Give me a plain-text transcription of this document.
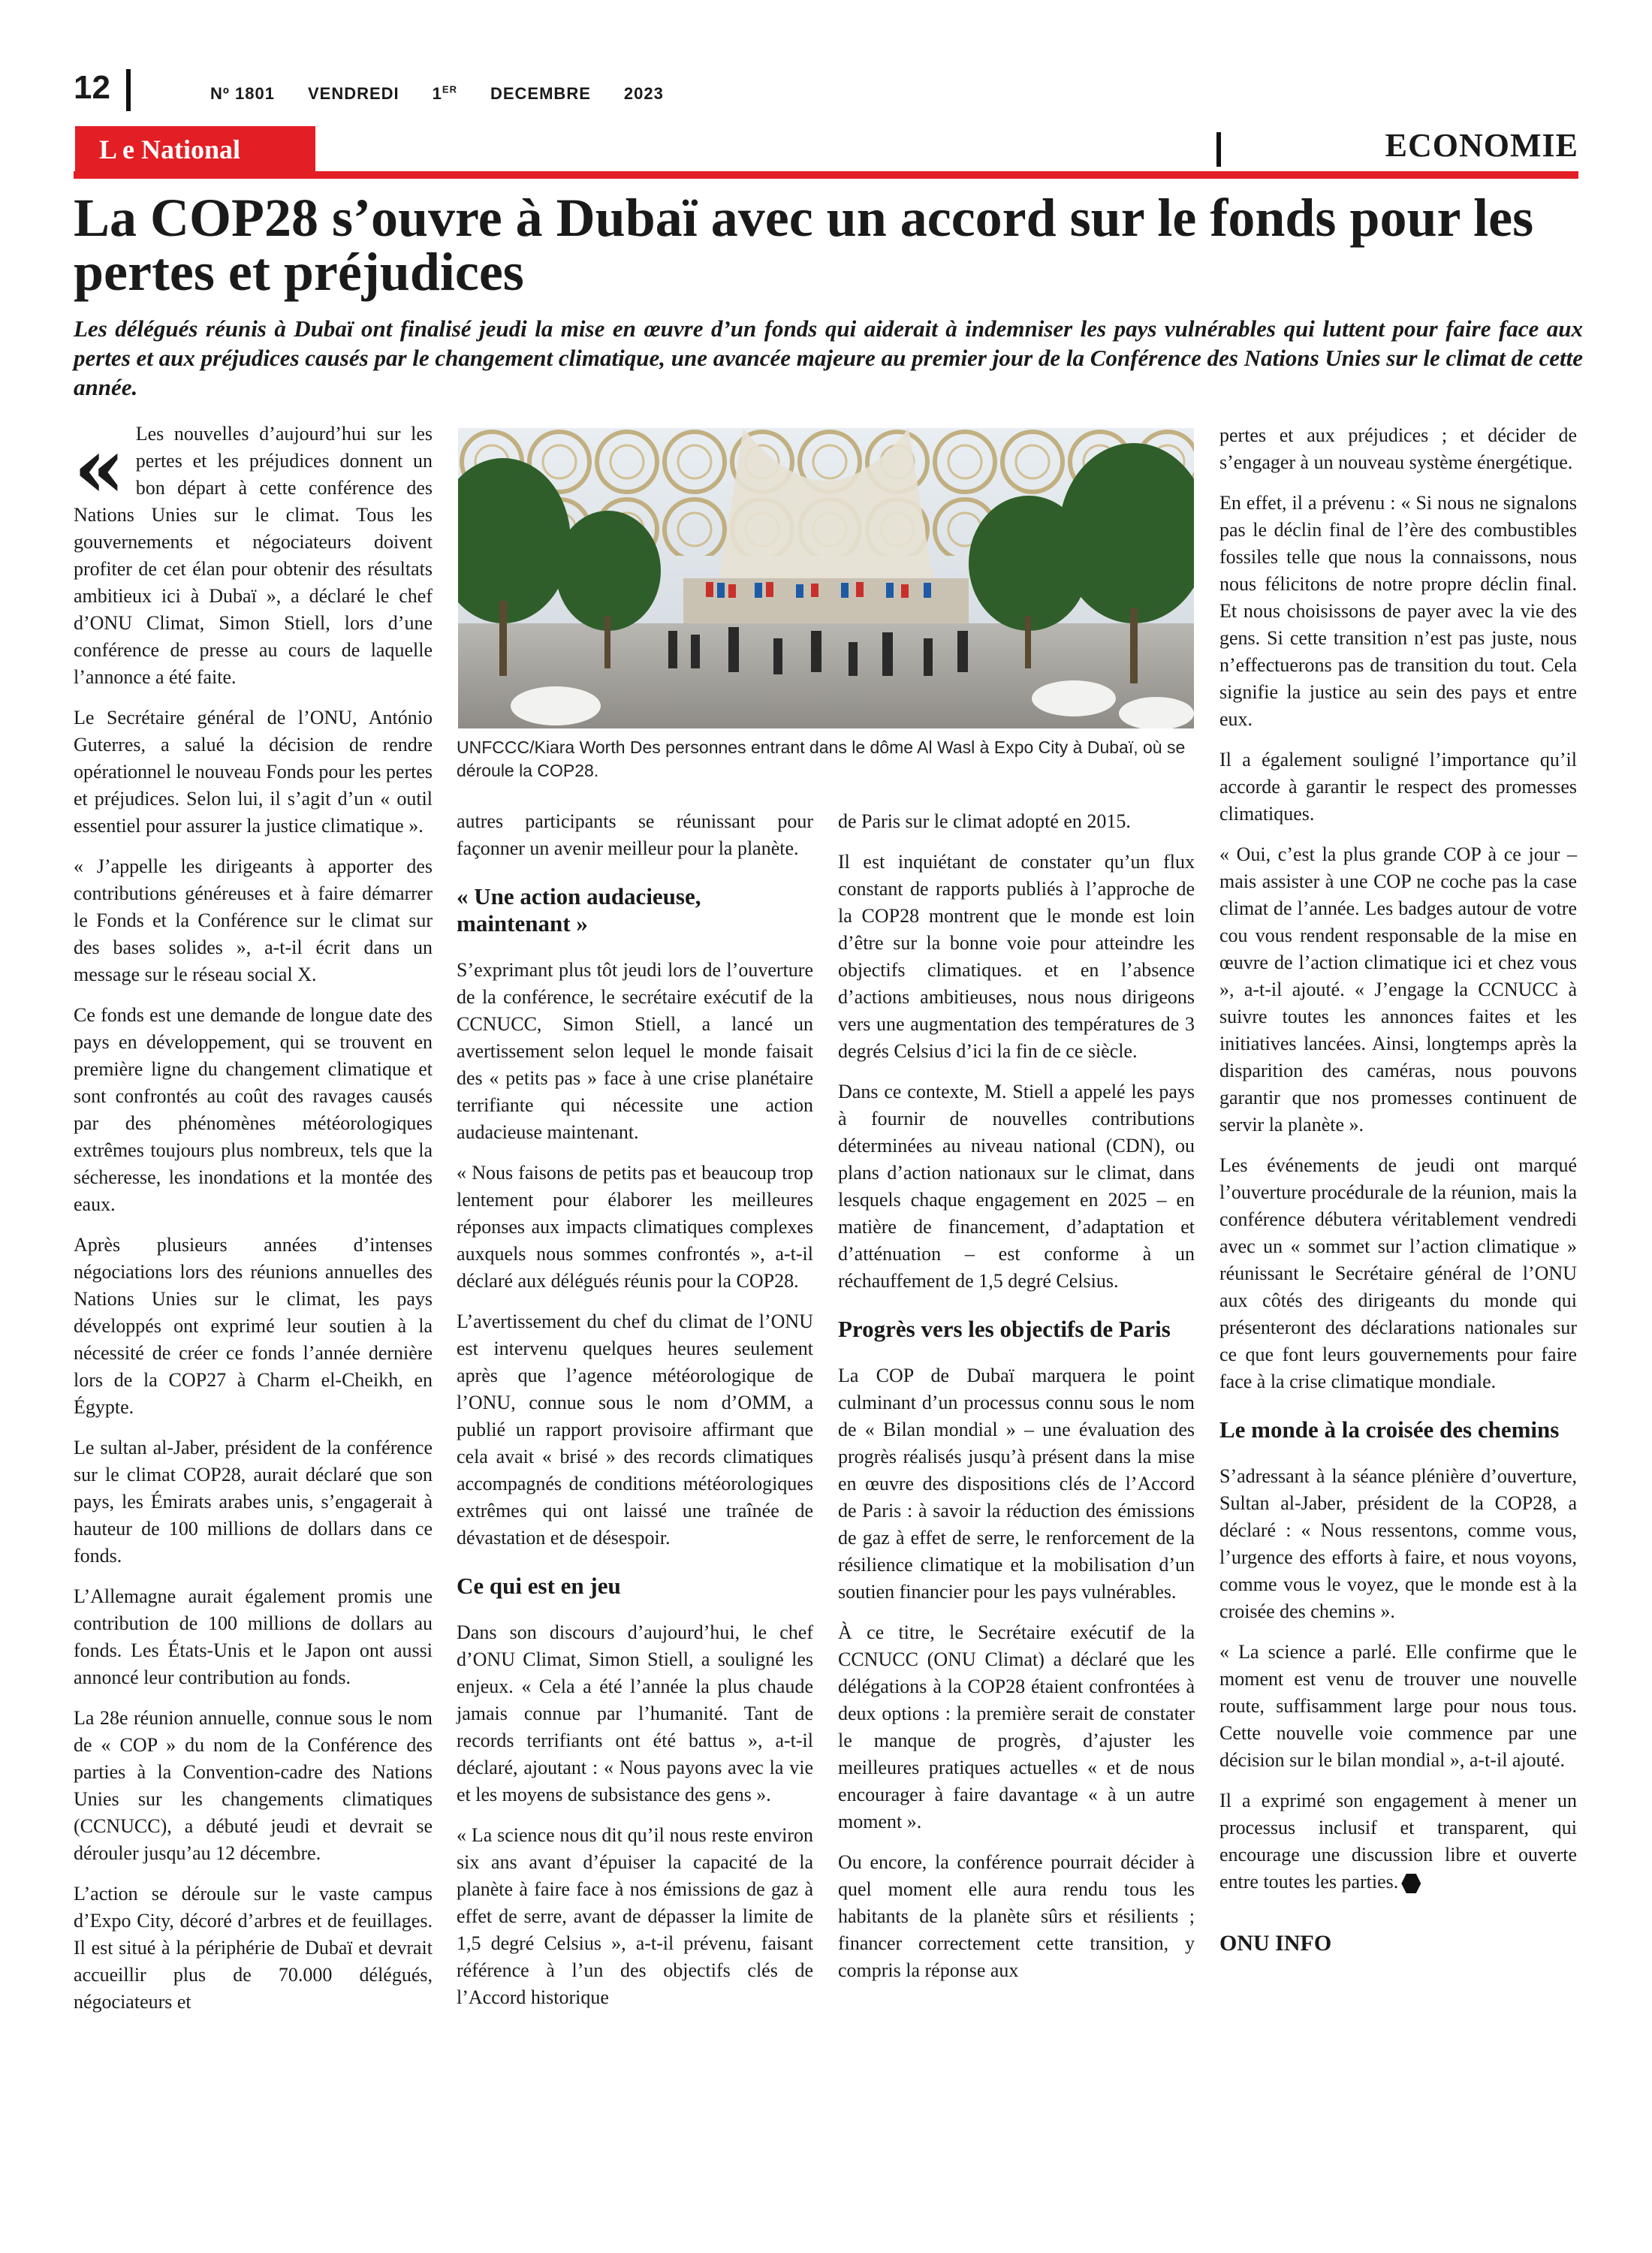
12	Nº 1801 VENDREDI 1ER DECEMBRE 2023
L e National	ECONOMIE
La COP28 s’ouvre à Dubaï avec un accord sur le fonds pour les pertes et préjudices

Les délégués réunis à Dubaï ont finalisé jeudi la mise en œuvre d’un fonds qui aiderait à indemniser les pays vulnérables qui luttent pour faire face aux pertes et aux préjudices causés par le changement climatique, une avancée majeure au premier jour de la Conférence des Nations Unies sur le climat de cette année.

« Les nouvelles d’aujourd’hui sur les pertes et les préjudices donnent un bon départ à cette conférence des Nations Unies sur le climat. Tous les gouvernements et négociateurs doivent profiter de cet élan pour obtenir des résultats ambitieux ici à Dubaï », a déclaré le chef d’ONU Climat, Simon Stiell, lors d’une conférence de presse au cours de laquelle l’annonce a été faite.

Le Secrétaire général de l’ONU, António Guterres, a salué la décision de rendre opérationnel le nouveau Fonds pour les pertes et préjudices. Selon lui, il s’agit d’un « outil essentiel pour assurer la justice climatique ».

« J’appelle les dirigeants à apporter des contributions généreuses et à faire démarrer le Fonds et la Conférence sur le climat sur des bases solides », a-t-il écrit dans un message sur le réseau social X.

Ce fonds est une demande de longue date des pays en développement, qui se trouvent en première ligne du changement climatique et sont confrontés au coût des ravages causés par des phénomènes météorologiques extrêmes toujours plus nombreux, tels que la sécheresse, les inondations et la montée des eaux.

Après plusieurs années d’intenses négociations lors des réunions annuelles des Nations Unies sur le climat, les pays développés ont exprimé leur soutien à la nécessité de créer ce fonds l’année dernière lors de la COP27 à Charm el-Cheikh, en Égypte.

Le sultan al-Jaber, président de la conférence sur le climat COP28, aurait déclaré que son pays, les Émirats arabes unis, s’engagerait à hauteur de 100 millions de dollars dans ce fonds.

L’Allemagne aurait également promis une contribution de 100 millions de dollars au fonds. Les États-Unis et le Japon ont aussi annoncé leur contribution au fonds.

La 28e réunion annuelle, connue sous le nom de « COP » du nom de la Conférence des parties à la Convention-cadre des Nations Unies sur les changements climatiques (CCNUCC), a débuté jeudi et devrait se dérouler jusqu’au 12 décembre.

L’action se déroule sur le vaste campus d’Expo City, décoré d’arbres et de feuillages. Il est situé à la périphérie de Dubaï et devrait accueillir plus de 70.000 délégués, négociateurs et

UNFCCC/Kiara Worth Des personnes entrant dans le dôme Al Wasl à Expo City à Dubaï, où se déroule la COP28.

autres participants se réunissant pour façonner un avenir meilleur pour la planète.

« Une action audacieuse, maintenant »

S’exprimant plus tôt jeudi lors de l’ouverture de la conférence, le secrétaire exécutif de la CCNUCC, Simon Stiell, a lancé un avertissement selon lequel le monde faisait des « petits pas » face à une crise planétaire terrifiante qui nécessite une action audacieuse maintenant.

« Nous faisons de petits pas et beaucoup trop lentement pour élaborer les meilleures réponses aux impacts climatiques complexes auxquels nous sommes confrontés », a-t-il déclaré aux délégués réunis pour la COP28.

L’avertissement du chef du climat de l’ONU est intervenu quelques heures seulement après que l’agence météorologique de l’ONU, connue sous le nom d’OMM, a publié un rapport provisoire affirmant que cela avait « brisé » des records climatiques accompagnés de conditions météorologiques extrêmes qui ont laissé une traînée de dévastation et de désespoir.

Ce qui est en jeu

Dans son discours d’aujourd’hui, le chef d’ONU Climat, Simon Stiell, a souligné les enjeux. « Cela a été l’année la plus chaude jamais connue par l’humanité. Tant de records terrifiants ont été battus », a-t-il déclaré, ajoutant : « Nous payons avec la vie et les moyens de subsistance des gens ».

« La science nous dit qu’il nous reste environ six ans avant d’épuiser la capacité de la planète à faire face à nos émissions de gaz à effet de serre, avant de dépasser la limite de 1,5 degré Celsius », a-t-il prévenu, faisant référence à l’un des objectifs clés de l’Accord historique

de Paris sur le climat adopté en 2015.

Il est inquiétant de constater qu’un flux constant de rapports publiés à l’approche de la COP28 montrent que le monde est loin d’être sur la bonne voie pour atteindre les objectifs climatiques. et en l’absence d’actions ambitieuses, nous nous dirigeons vers une augmentation des températures de 3 degrés Celsius d’ici la fin de ce siècle.

Dans ce contexte, M. Stiell a appelé les pays à fournir de nouvelles contributions déterminées au niveau national (CDN), ou plans d’action nationaux sur le climat, dans lesquels chaque engagement en 2025 – en matière de financement, d’adaptation et d’atténuation – est conforme à un réchauffement de 1,5 degré Celsius.

Progrès vers les objectifs de Paris

La COP de Dubaï marquera le point culminant d’un processus connu sous le nom de « Bilan mondial » – une évaluation des progrès réalisés jusqu’à présent dans la mise en œuvre des dispositions clés de l’Accord de Paris : à savoir la réduction des émissions de gaz à effet de serre, le renforcement de la résilience climatique et la mobilisation d’un soutien financier pour les pays vulnérables.

À ce titre, le Secrétaire exécutif de la CCNUCC (ONU Climat) a déclaré que les délégations à la COP28 étaient confrontées à deux options : la première serait de constater le manque de progrès, d’ajuster les meilleures pratiques actuelles « et de nous encourager à faire davantage « à un autre moment ».

Ou encore, la conférence pourrait décider à quel moment elle aura rendu tous les habitants de la planète sûrs et résilients ; financer correctement cette transition, y compris la réponse aux

pertes et aux préjudices ; et décider de s’engager à un nouveau système énergétique.

En effet, il a prévenu : « Si nous ne signalons pas le déclin final de l’ère des combustibles fossiles telle que nous la connaissons, nous nous félicitons de notre propre déclin final. Et nous choisissons de payer avec la vie des gens. Si cette transition n’est pas juste, nous n’effectuerons pas de transition du tout. Cela signifie la justice au sein des pays et entre eux.

Il a également souligné l’importance qu’il accorde à garantir le respect des promesses climatiques.

« Oui, c’est la plus grande COP à ce jour – mais assister à une COP ne coche pas la case climat de l’année. Les badges autour de votre cou vous rendent responsable de la mise en œuvre de l’action climatique ici et chez vous », a-t-il ajouté. « J’engage la CCNUCC à suivre toutes les annonces faites et les initiatives lancées. Ainsi, longtemps après la disparition des caméras, nous pouvons garantir que nos promesses continuent de servir la planète ».

Les événements de jeudi ont marqué l’ouverture procédurale de la réunion, mais la conférence débutera véritablement vendredi avec un « sommet sur l’action climatique » réunissant le Secrétaire général de l’ONU aux côtés des dirigeants du monde qui présenteront des déclarations nationales sur ce que font leurs gouvernements pour faire face à la crise climatique mondiale.

Le monde à la croisée des chemins

S’adressant à la séance plénière d’ouverture, Sultan al-Jaber, président de la COP28, a déclaré : « Nous ressentons, comme vous, l’urgence des efforts à faire, et nous voyons, comme vous le voyez, que le monde est à la croisée des chemins ».

« La science a parlé. Elle confirme que le moment est venu de trouver une nouvelle route, suffisamment large pour nous tous. Cette nouvelle voie commence par une décision sur le bilan mondial », a-t-il ajouté.

Il a exprimé son engagement à mener un processus inclusif et transparent, qui encourage une discussion libre et ouverte entre toutes les parties.

ONU INFO
